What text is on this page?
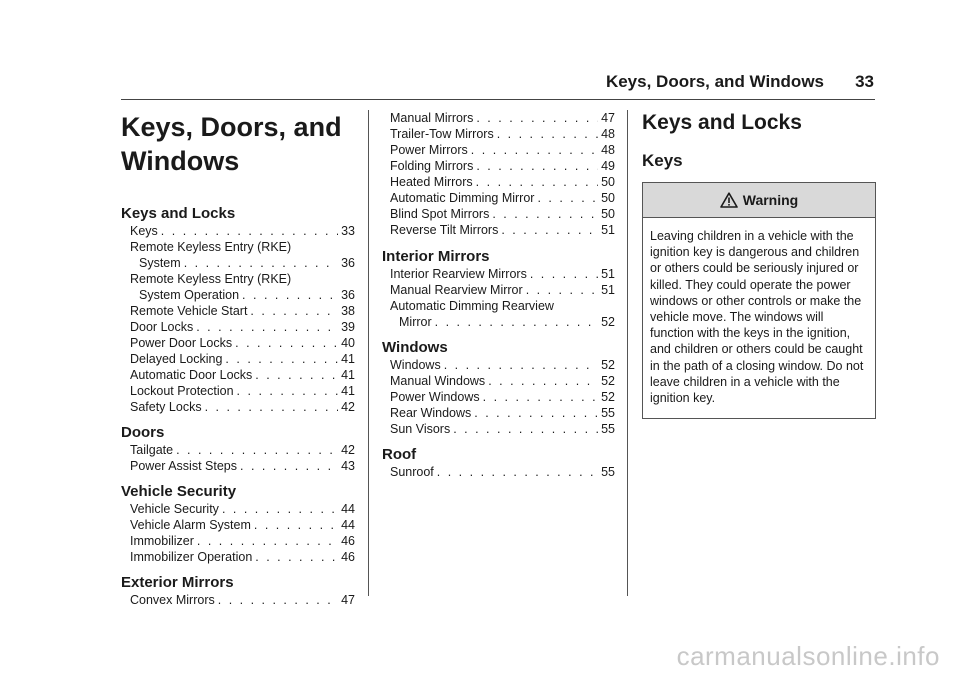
Keys, Doors, and Windows 33
Keys, Doors, and
Windows
Keys and Locks
Keys . . .	33
Remote Keyless Entry (RKE)
System . . .	36
Remote Keyless Entry (RKE)
System Operation . . .	36
Remote Vehicle Start . . .	38
Door Locks . . .	39
Power Door Locks . . .	40
Delayed Locking . . .	41
Automatic Door Locks . . .	41
Lockout Protection . . .	41
Safety Locks . . .	42
Doors
Tailgate . . .	42
Power Assist Steps . . .	43
Vehicle Security
Vehicle Security . . .	44
Vehicle Alarm System . . .	44
Immobilizer . . .	46
Immobilizer Operation . . .	46
Exterior Mirrors
Convex Mirrors . . .	47
Manual Mirrors . . .	47
Trailer-Tow Mirrors . . .	48
Power Mirrors . . .	48
Folding Mirrors . . .	49
Heated Mirrors . . .	50
Automatic Dimming Mirror . . .	50
Blind Spot Mirrors . . .	50
Reverse Tilt Mirrors . . .	51
Interior Mirrors
Interior Rearview Mirrors . . .	51
Manual Rearview Mirror . . .	51
Automatic Dimming Rearview
Mirror . . .	52
Windows
Windows . . .	52
Manual Windows . . .	52
Power Windows . . .	52
Rear Windows . . .	55
Sun Visors . . .	55
Roof
Sunroof . . .	55
Keys and Locks
Keys
Warning
Leaving children in a vehicle with the ignition key is dangerous and children or others could be seriously injured or killed. They could operate the power windows or other controls or make the vehicle move. The windows will function with the keys in the ignition, and children or others could be caught in the path of a closing window. Do not leave children in a vehicle with the ignition key.
carmanualsonline.info
